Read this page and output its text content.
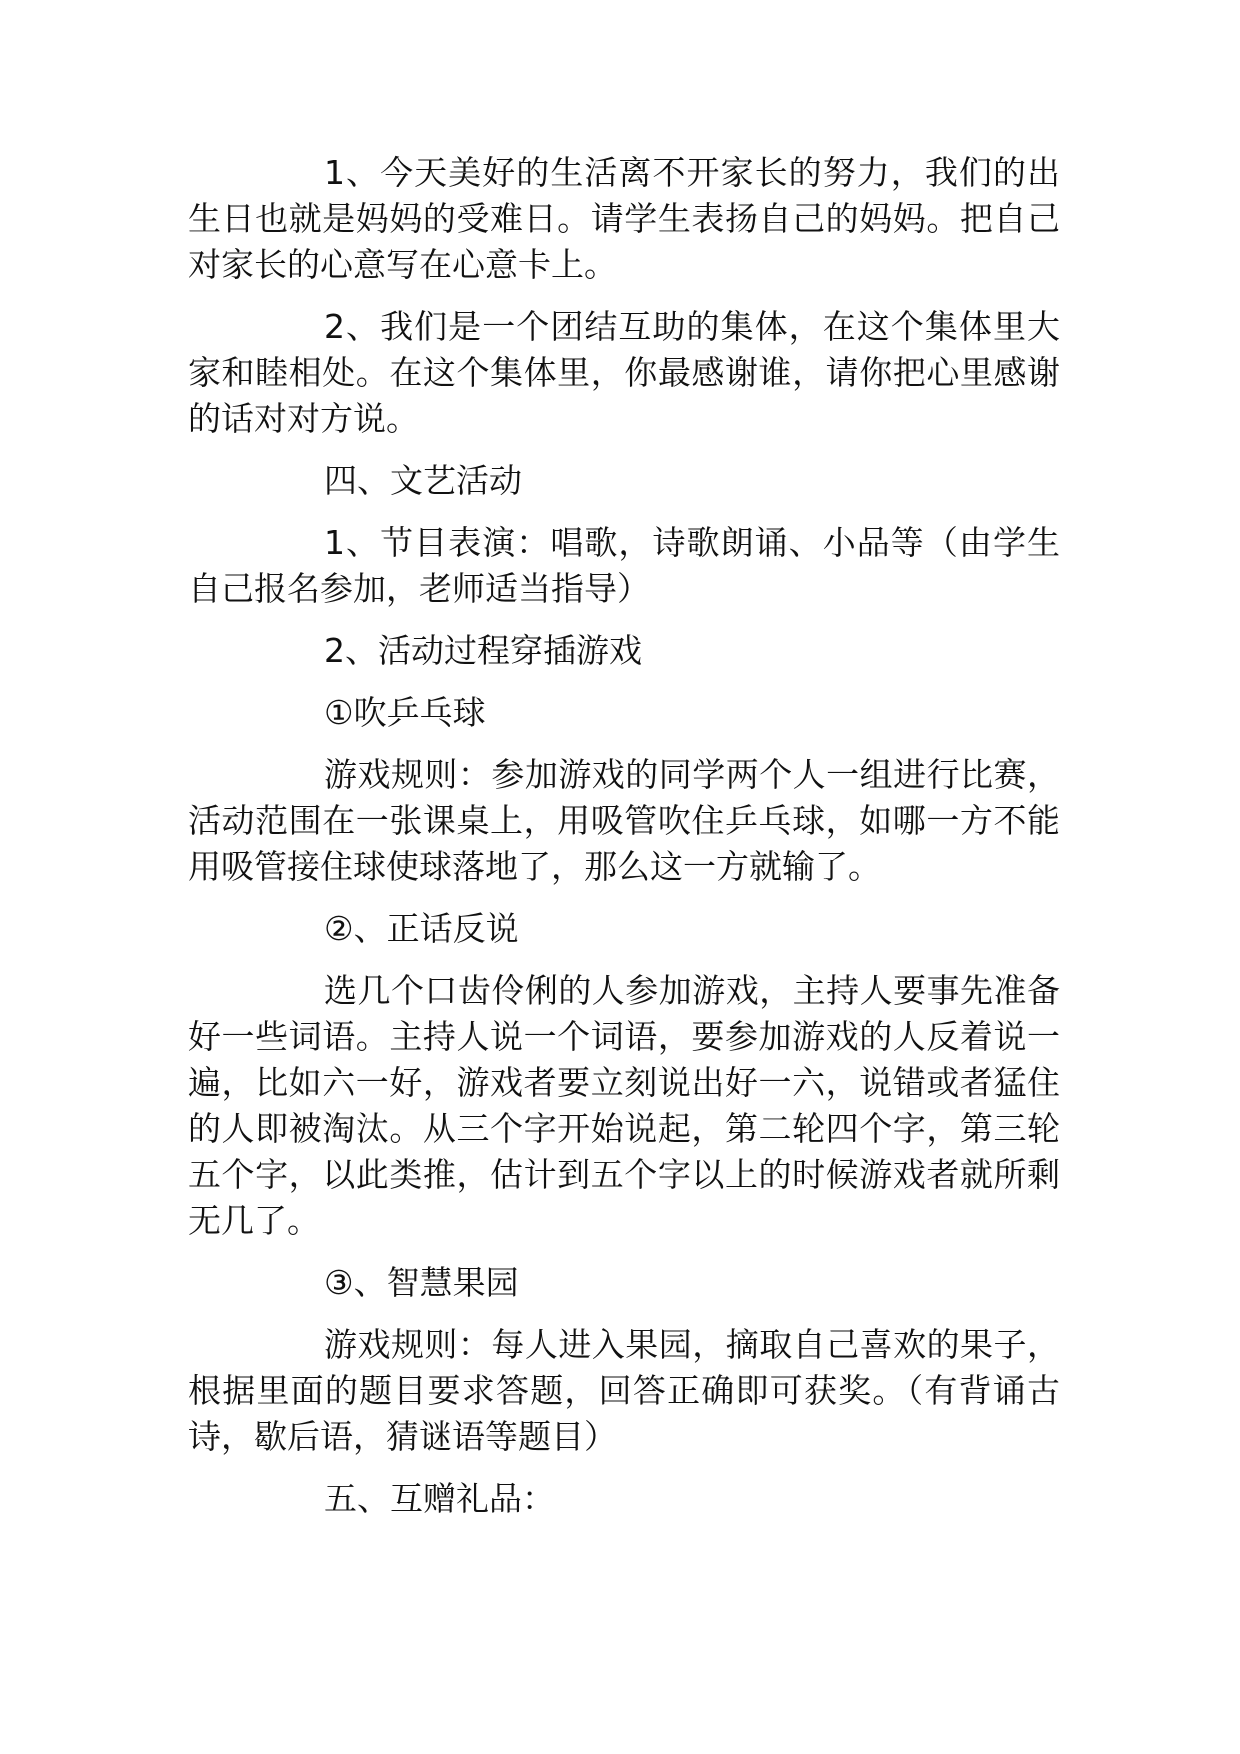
1、今天美好的生活离不开家长的努力，我们的出生日也就是妈妈的受难日。请学生表扬自己的妈妈。把自己对家长的心意写在心意卡上。

2、我们是一个团结互助的集体，在这个集体里大家和睦相处。在这个集体里，你最感谢谁，请你把心里感谢的话对对方说。

四、文艺活动

1、节目表演：唱歌，诗歌朗诵、小品等（由学生自己报名参加，老师适当指导）

2、活动过程穿插游戏

①吹乒乓球

游戏规则：参加游戏的同学两个人一组进行比赛，活动范围在一张课桌上，用吸管吹住乒乓球，如哪一方不能用吸管接住球使球落地了，那么这一方就输了。

②、正话反说

选几个口齿伶俐的人参加游戏，主持人要事先准备好一些词语。主持人说一个词语，要参加游戏的人反着说一遍，比如六一好，游戏者要立刻说出好一六，说错或者猛住的人即被淘汰。从三个字开始说起，第二轮四个字，第三轮五个字，以此类推，估计到五个字以上的时候游戏者就所剩无几了。

③、智慧果园

游戏规则：每人进入果园，摘取自己喜欢的果子，根据里面的题目要求答题，回答正确即可获奖。（有背诵古诗，歇后语，猜谜语等题目）

五、互赠礼品：
